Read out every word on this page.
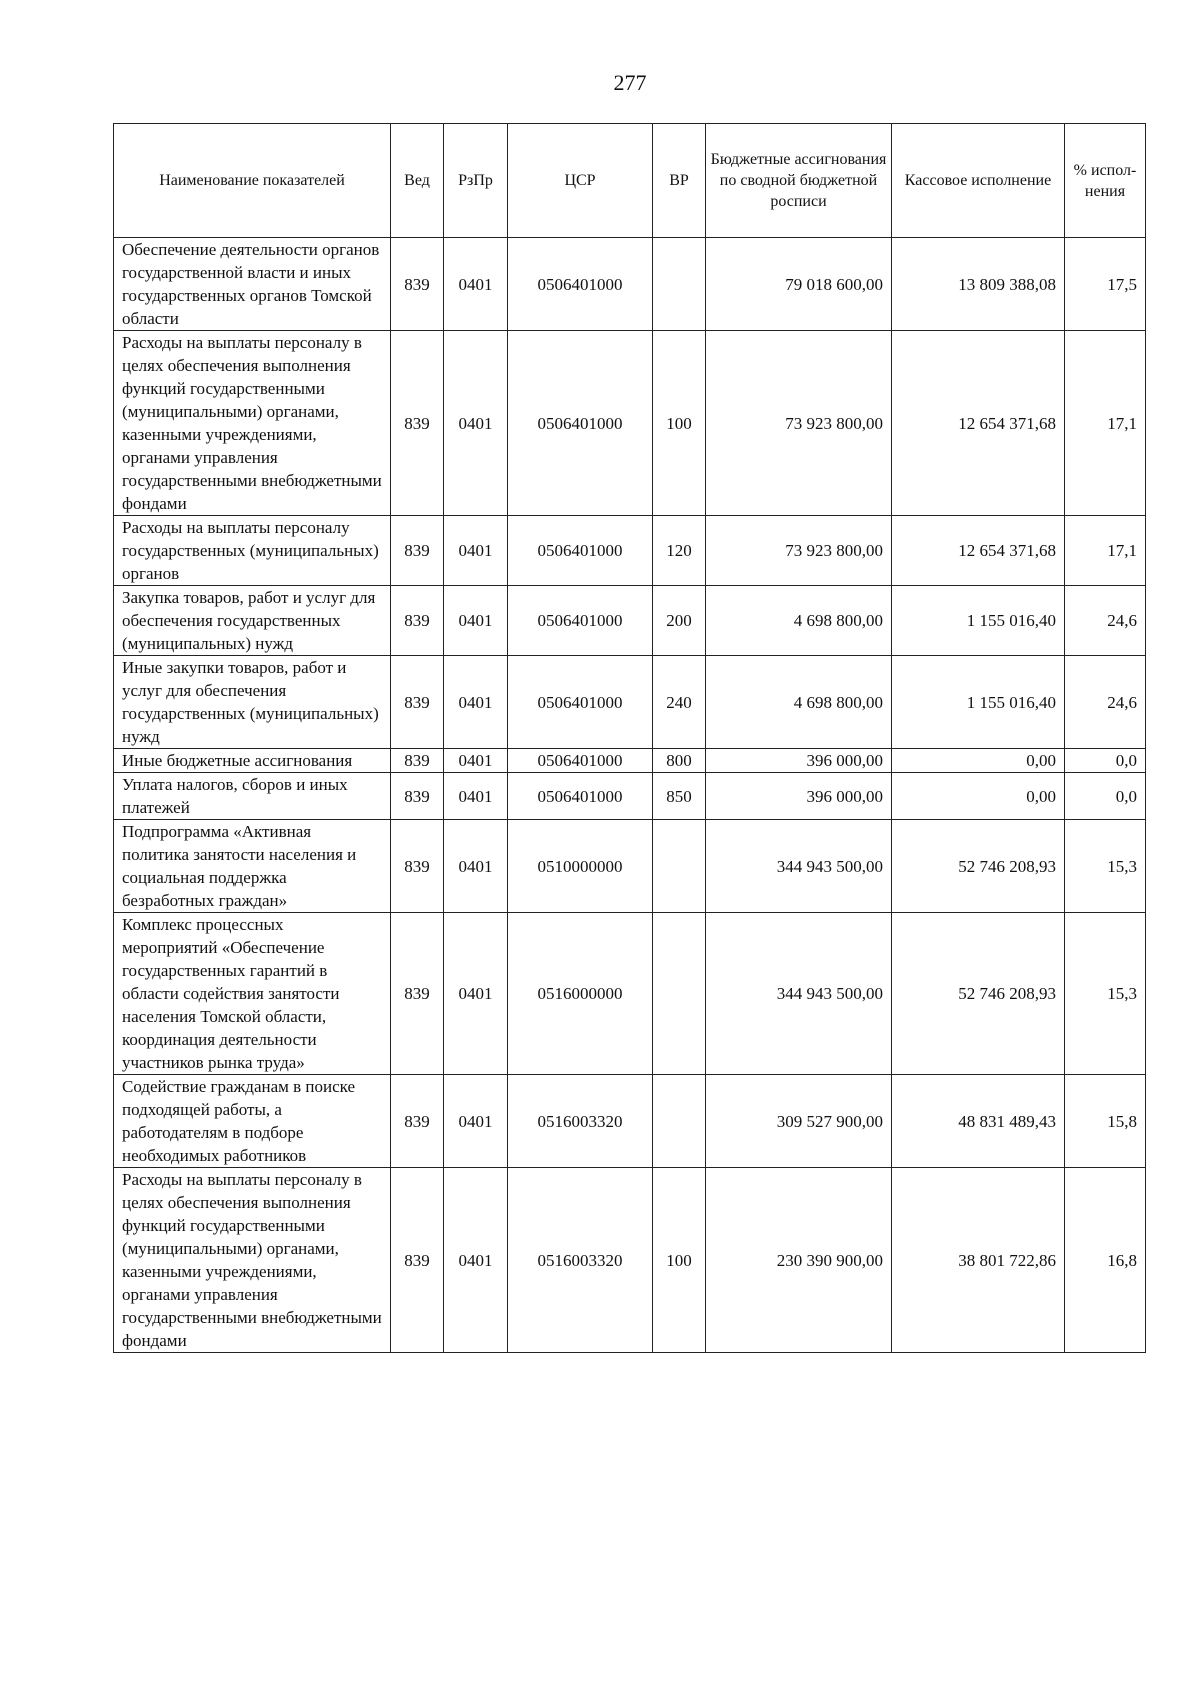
277
Наименование показателей	Вед	РзПр	ЦСР	ВР	Бюджетные ассигнования по сводной бюджетной росписи	Кассовое исполнение	% испол-нения
Обеспечение деятельности органов государственной власти и иных государственных органов Томской области	839	0401	0506401000		79 018 600,00	13 809 388,08	17,5
Расходы на выплаты персоналу в целях обеспечения выполнения функций государственными (муниципальными) органами, казенными учреждениями, органами управления государственными внебюджетными фондами	839	0401	0506401000	100	73 923 800,00	12 654 371,68	17,1
Расходы на выплаты персоналу государственных (муниципальных) органов	839	0401	0506401000	120	73 923 800,00	12 654 371,68	17,1
Закупка товаров, работ и услуг для обеспечения государственных (муниципальных) нужд	839	0401	0506401000	200	4 698 800,00	1 155 016,40	24,6
Иные закупки товаров, работ и услуг для обеспечения государственных (муниципальных) нужд	839	0401	0506401000	240	4 698 800,00	1 155 016,40	24,6
Иные бюджетные ассигнования	839	0401	0506401000	800	396 000,00	0,00	0,0
Уплата налогов, сборов и иных платежей	839	0401	0506401000	850	396 000,00	0,00	0,0
Подпрограмма «Активная политика занятости населения и социальная поддержка безработных граждан»	839	0401	0510000000		344 943 500,00	52 746 208,93	15,3
Комплекс процессных мероприятий «Обеспечение государственных гарантий в области содействия занятости населения Томской области, координация деятельности участников рынка труда»	839	0401	0516000000		344 943 500,00	52 746 208,93	15,3
Содействие гражданам в поиске подходящей работы, а работодателям в подборе необходимых работников	839	0401	0516003320		309 527 900,00	48 831 489,43	15,8
Расходы на выплаты персоналу в целях обеспечения выполнения функций государственными (муниципальными) органами, казенными учреждениями, органами управления государственными внебюджетными фондами	839	0401	0516003320	100	230 390 900,00	38 801 722,86	16,8
